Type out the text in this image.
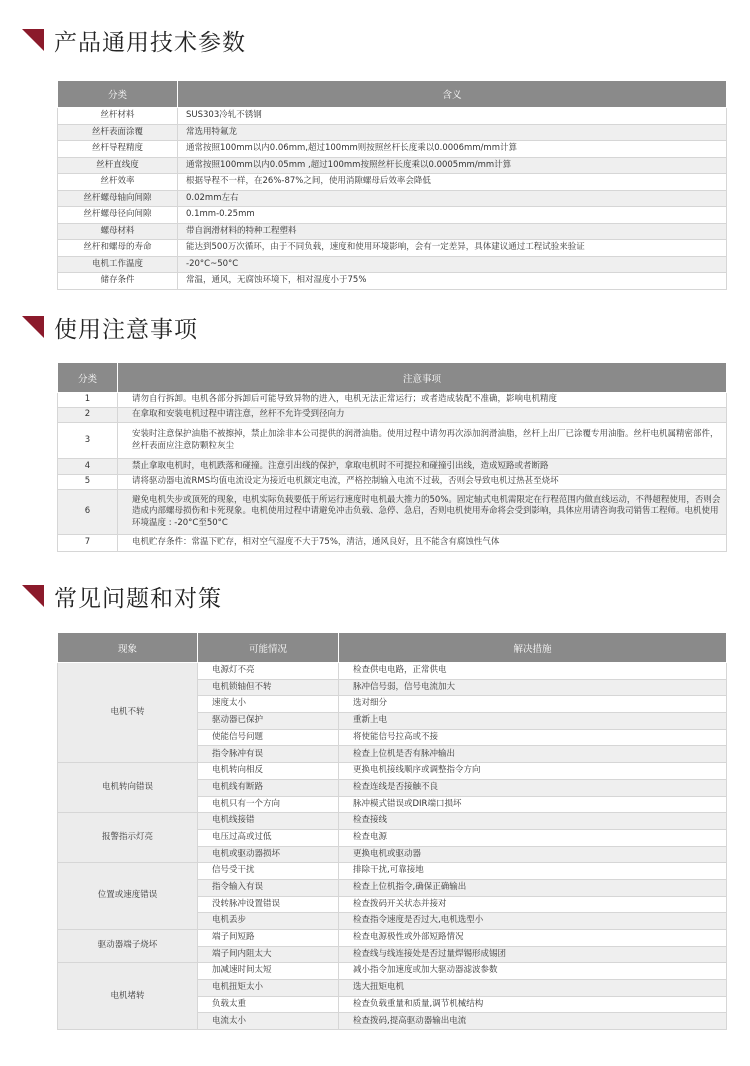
产品通用技术参数
分类	含义
丝杆材料	SUS303冷轧不锈钢
丝杆表面涂覆	常选用特氟龙
丝杆导程精度	通常按照100mm以内0.06mm,超过100mm则按照丝杆长度乘以0.0006mm/mm计算
丝杆直线度	通常按照100mm以内0.05mm ,超过100mm按照丝杆长度乘以0.0005mm/mm计算
丝杆效率	根据导程不一样，在26%-87%之间，使用消隙螺母后效率会降低
丝杆螺母轴向间隙	0.02mm左右
丝杆螺母径向间隙	0.1mm-0.25mm
螺母材料	带自润滑材料的特种工程塑料
丝杆和螺母的寿命	能达到500万次循环，由于不同负载，速度和使用环境影响，会有一定差异，具体建议通过工程试验来验证
电机工作温度	-20°C~50°C
储存条件	常温，通风，无腐蚀环境下，相对湿度小于75%
使用注意事项
分类	注意事项
1	请勿自行拆卸。电机各部分拆卸后可能导致异物的进入，电机无法正常运行；或者造成装配不准确，影响电机精度
2	在拿取和安装电机过程中请注意，丝杆不允许受到径向力
3	安装时注意保护油脂不被擦掉，禁止加涂非本公司提供的润滑油脂。使用过程中请勿再次添加润滑油脂，丝杆上出厂已涂覆专用油脂。丝杆电机属精密部件，丝杆表面应注意防颗粒灰尘
4	禁止拿取电机时，电机跌落和碰撞。注意引出线的保护，拿取电机时不可提拉和碰撞引出线，造成短路或者断路
5	请将驱动器电流RMS均值电流设定为接近电机额定电流，严格控制输入电流不过载，否则会导致电机过热甚至烧坏
6	避免电机失步或顶死的现象，电机实际负载要低于所运行速度时电机最大推力的50%。固定轴式电机需限定在行程范围内做直线运动，不得超程使用，否则会造成内部螺母损伤和卡死现象。电机使用过程中请避免冲击负载、急停、急启，否则电机使用寿命将会受到影响，具体应用请咨询我司销售工程师。电机使用环境温度 : -20°C至50°C
7	电机贮存条件：常温下贮存，相对空气湿度不大于75%，清洁，通风良好，且不能含有腐蚀性气体
常见问题和对策
现象	可能情况	解决措施
电机不转	电源灯不亮	检查供电电路，正常供电
	电机锁轴但不转	脉冲信号弱，信号电流加大
	速度太小	选对细分
	驱动器已保护	重新上电
	使能信号问题	将使能信号拉高或不接
	指令脉冲有误	检查上位机是否有脉冲输出
电机转向错误	电机转向相反	更换电机接线顺序或调整指令方向
	电机线有断路	检查连线是否接触不良
	电机只有一个方向	脉冲模式错误或DIR端口损坏
报警指示灯亮	电机线接错	检查接线
	电压过高或过低	检查电源
	电机或驱动器损坏	更换电机或驱动器
位置或速度错误	信号受干扰	排除干扰,可靠接地
	指令输入有误	检查上位机指令,确保正确输出
	没转脉冲设置错误	检查拨码开关状态并接对
	电机丢步	检查指令速度是否过大,电机选型小
驱动器端子烧坏	端子间短路	检查电源极性或外部短路情况
	端子间内阻太大	检查线与线连接处是否过量焊锡形成锡团
电机堵转	加减速时间太短	减小指令加速度或加大驱动器滤波参数
	电机扭矩太小	选大扭矩电机
	负载太重	检查负载重量和质量,调节机械结构
	电流太小	检查拨码,提高驱动器输出电流
